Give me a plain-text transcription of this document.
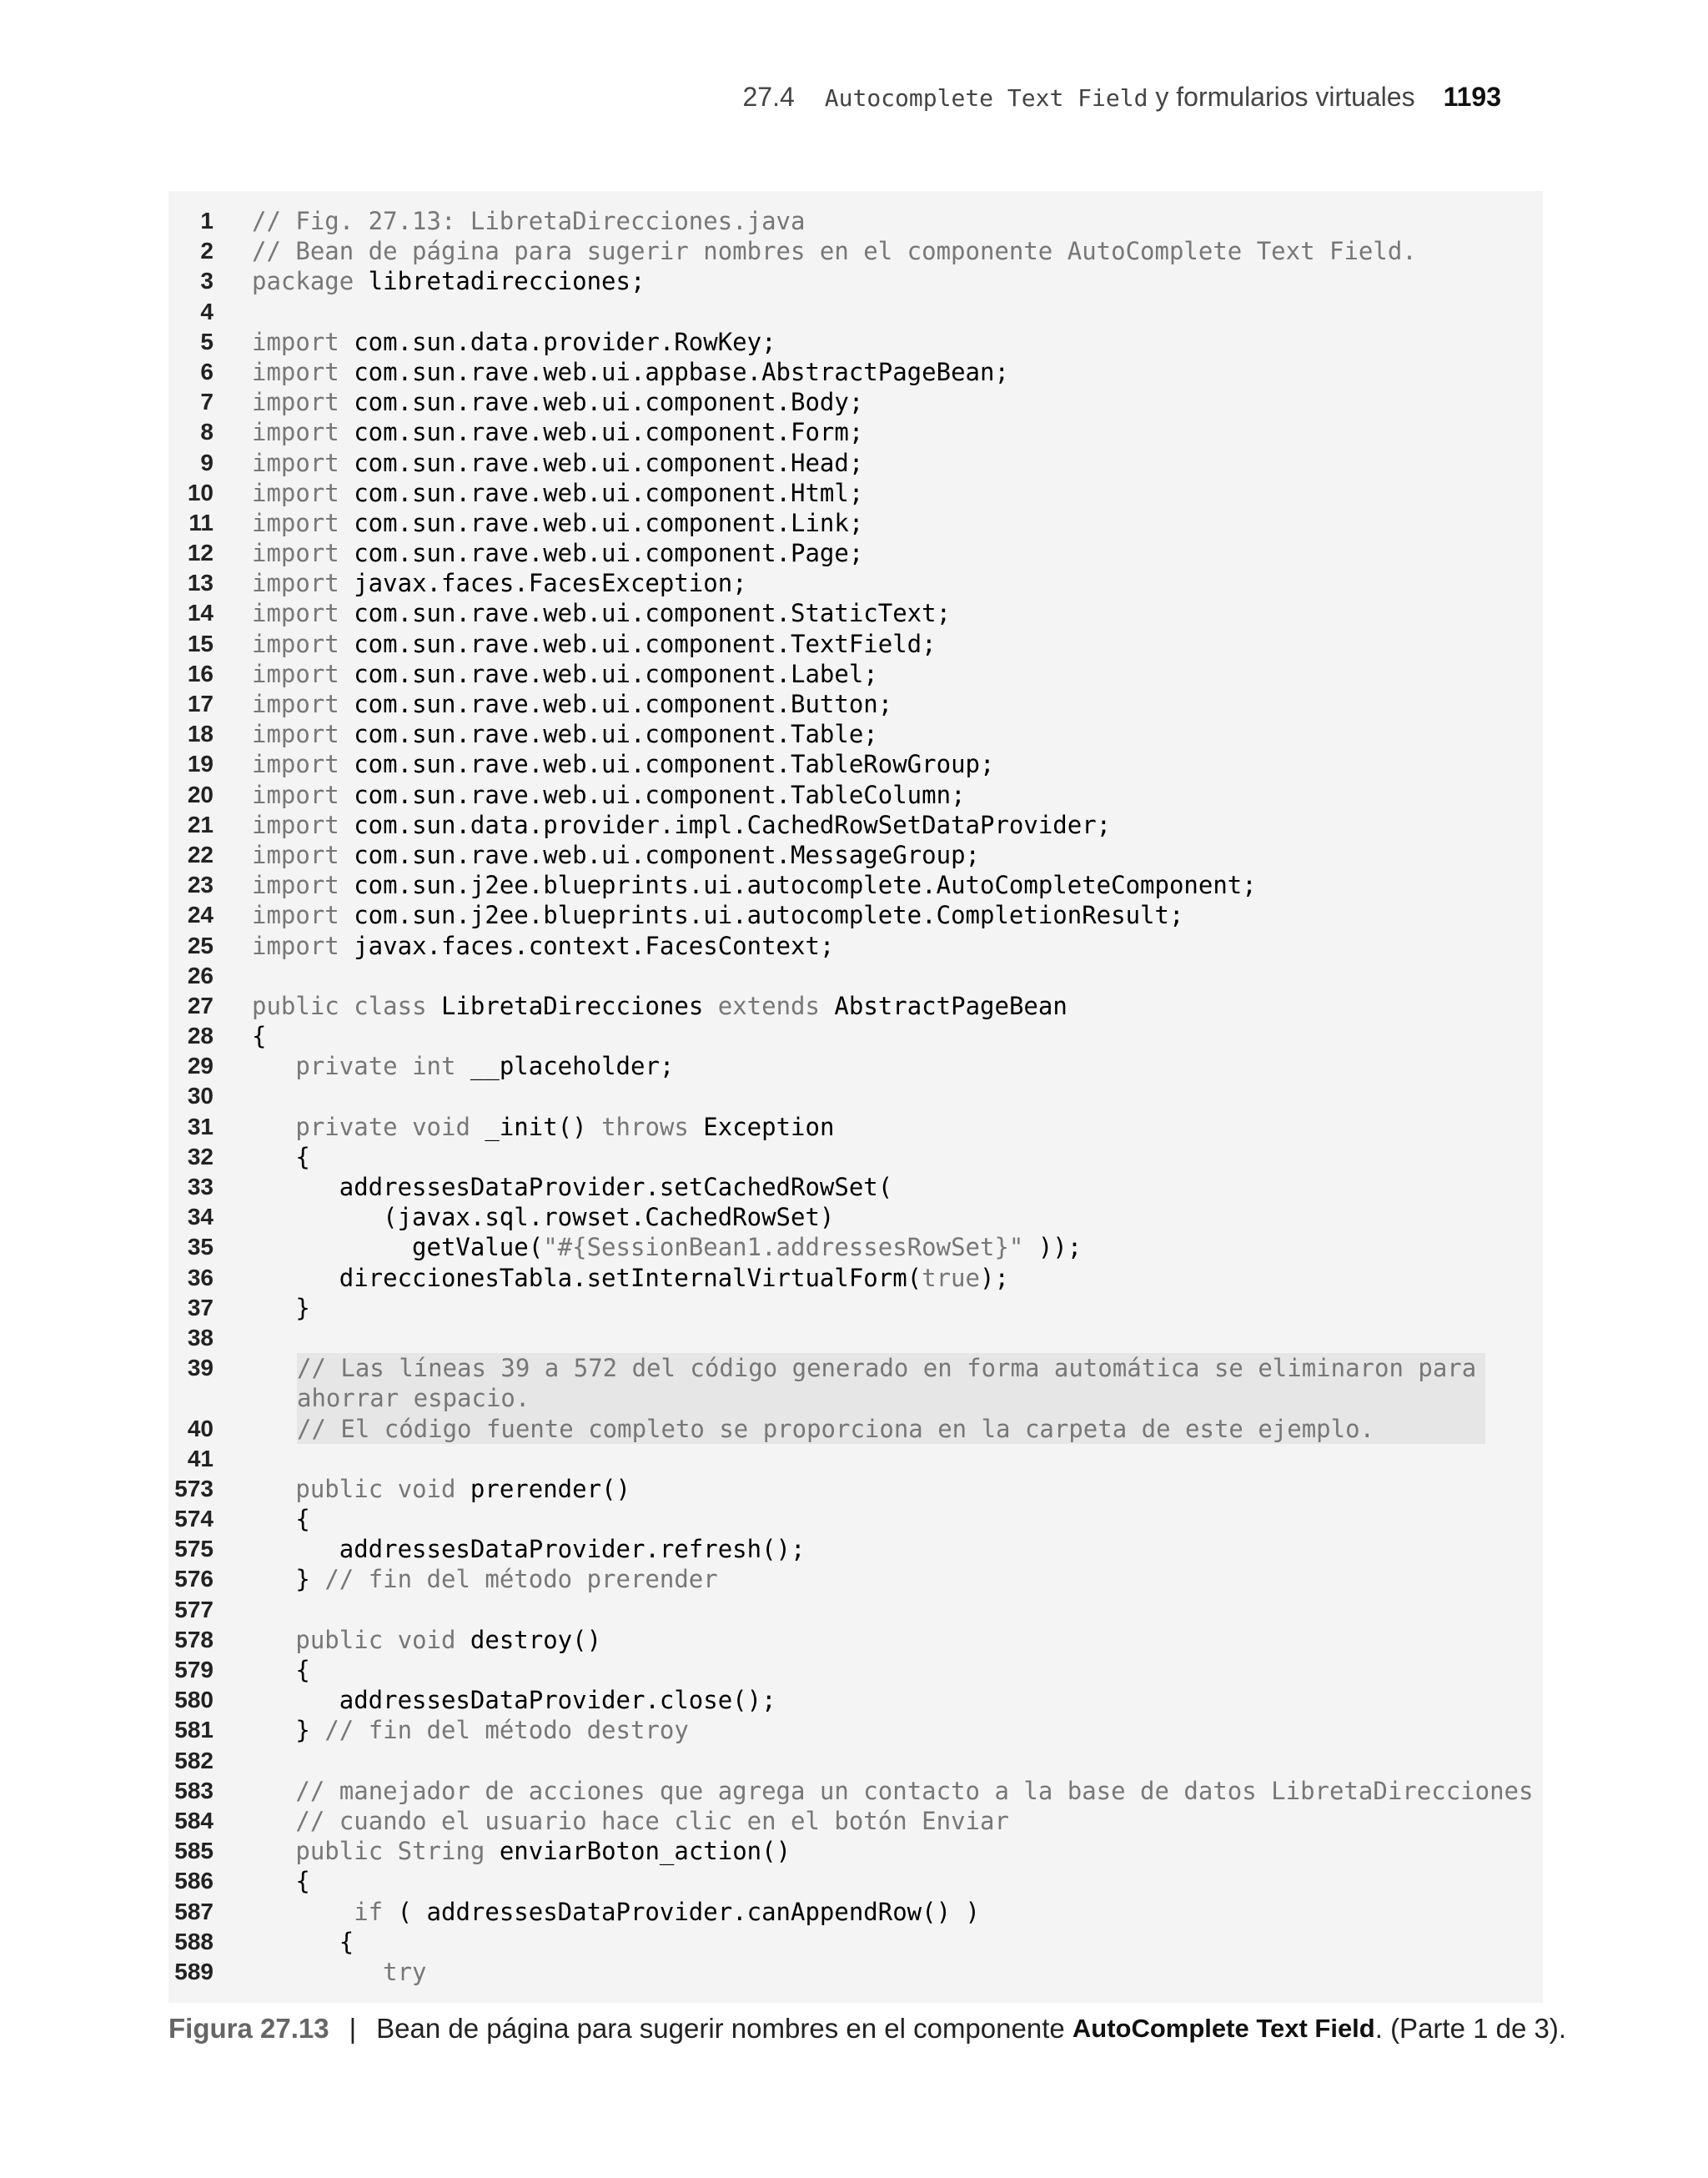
27.4 Autocomplete Text Field
y formularios virtuales 1193
1 // Fig. 27.13: LibretaDirecciones.java
2 // Bean de página para sugerir nombres en el componente AutoComplete Text Field.
3 package libretadirecciones;
4
5 import com.sun.data.provider.RowKey;
6 import com.sun.rave.web.ui.appbase.AbstractPageBean;
7 import com.sun.rave.web.ui.component.Body;
8 import com.sun.rave.web.ui.component.Form;
9 import com.sun.rave.web.ui.component.Head;
10 import com.sun.rave.web.ui.component.Html;
11 import com.sun.rave.web.ui.component.Link;
12 import com.sun.rave.web.ui.component.Page;
13 import javax.faces.FacesException;
14 import com.sun.rave.web.ui.component.StaticText;
15 import com.sun.rave.web.ui.component.TextField;
16 import com.sun.rave.web.ui.component.Label;
17 import com.sun.rave.web.ui.component.Button;
18 import com.sun.rave.web.ui.component.Table;
19 import com.sun.rave.web.ui.component.TableRowGroup;
20 import com.sun.rave.web.ui.component.TableColumn;
21 import com.sun.data.provider.impl.CachedRowSetDataProvider;
22 import com.sun.rave.web.ui.component.MessageGroup;
23 import com.sun.j2ee.blueprints.ui.autocomplete.AutoCompleteComponent;
24 import com.sun.j2ee.blueprints.ui.autocomplete.CompletionResult;
25 import javax.faces.context.FacesContext;
26
27 public class LibretaDirecciones extends AbstractPageBean
28 {
29	private int __placeholder;
30
31	private void _init() throws Exception
32 {
33 addressesDataProvider.setCachedRowSet(
34 (javax.sql.rowset.CachedRowSet)
35 getValue("#{SessionBean1.addressesRowSet}" ));
36 direccionesTabla.setInternalVirtualForm(true);
37 }
38
39	// Las líneas 39 a 572 del código generado en forma automática se eliminaron para ahorrar espacio.
40	// El código fuente completo se proporciona en la carpeta de este ejemplo.
41
573	public void prerender()
574 {
575 addressesDataProvider.refresh();
576 } // fin del método prerender
577
578	public void destroy()
579 {
580 addressesDataProvider.close();
581 } // fin del método destroy
582
583	// manejador de acciones que agrega un contacto a la base de datos LibretaDirecciones
584	// cuando el usuario hace clic en el botón Enviar
585	public String enviarBoton_action()
586 {
587	if ( addressesDataProvider.canAppendRow() )
588 {
589	try
Figura 27.13 | Bean de página para sugerir nombres en el componente
AutoComplete Text Field . (Parte 1 de 3).
